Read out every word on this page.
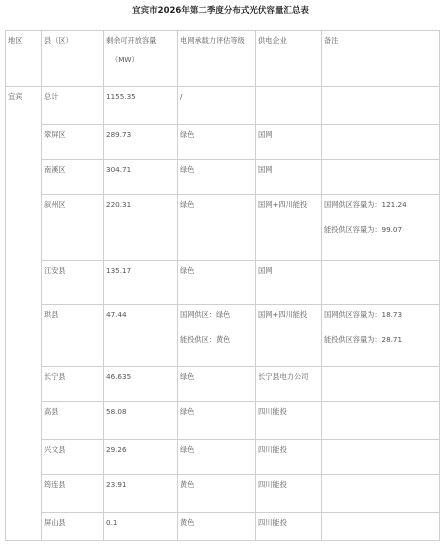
宜宾市2026年第二季度分布式光伏容量汇总表
地区	县（区）	剩余可开放容量
（MW）	电网承载力评估等级	供电企业	备注
宜宾	总计	1155.35	/		
	翠屏区	289.73	绿色	国网	
	南溪区	304.71	绿色	国网	
	叙州区	220.31	绿色	国网+四川能投	国网供区容量为：121.24
能投供区容量为：99.07

	江安县	135.17	绿色	国网	
	珙县	47.44	国网供区：绿色
能投供区：黄色	国网+四川能投	国网供区容量为：18.73
能投供区容量为：28.71

	长宁县	46.635	绿色	长宁县电力公司	
	高县	58.08	绿色	四川能投	
	兴文县	29.26	绿色	四川能投	
	筠连县	23.91	黄色	四川能投	
	屏山县	0.1	黄色	四川能投	
